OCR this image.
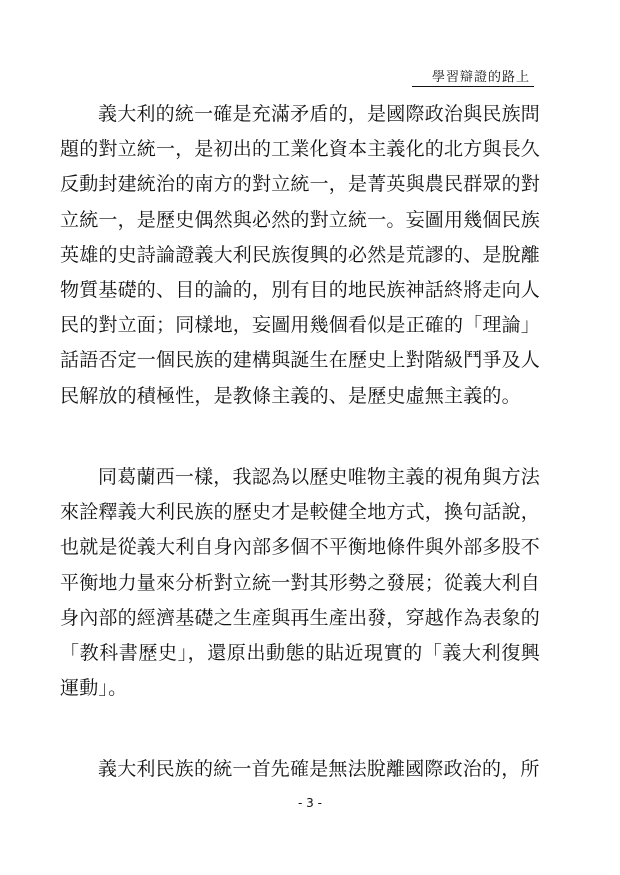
學習辯證的路上

義大利的統一確是充滿矛盾的，是國際政治與民族問題的對立統一，是初出的工業化資本主義化的北方與長久反動封建統治的南方的對立統一，是菁英與農民群眾的對立統一，是歷史偶然與必然的對立統一。妄圖用幾個民族英雄的史詩論證義大利民族復興的必然是荒謬的、是脫離物質基礎的、目的論的，別有目的地民族神話終將走向人民的對立面；同樣地，妄圖用幾個看似是正確的「理論」話語否定一個民族的建構與誕生在歷史上對階級鬥爭及人民解放的積極性，是教條主義的、是歷史虛無主義的。

同葛蘭西一樣，我認為以歷史唯物主義的視角與方法來詮釋義大利民族的歷史才是較健全地方式，換句話說，也就是從義大利自身內部多個不平衡地條件與外部多股不平衡地力量來分析對立統一對其形勢之發展；從義大利自身內部的經濟基礎之生產與再生產出發，穿越作為表象的「教科書歷史」，還原出動態的貼近現實的「義大利復興運動」。

義大利民族的統一首先確是無法脫離國際政治的，所

- 3 -
